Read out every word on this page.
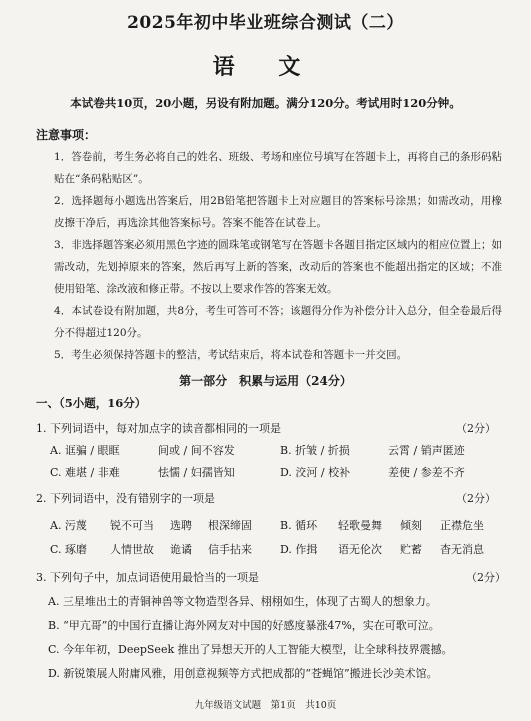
2025年初中毕业班综合测试（二）
语 文
本试卷共10页，20小题，另设有附加题。满分120分。考试用时120分钟。
注意事项：
1．答卷前，考生务必将自己的姓名、班级、考场和座位号填写在答题卡上，再将自己的条形码粘贴在“条码粘贴区”。
2．选择题每小题选出答案后，用2B铅笔把答题卡上对应题目的答案标号涂黑；如需改动，用橡皮擦干净后，再选涂其他答案标号。答案不能答在试卷上。
3．非选择题答案必须用黑色字迹的圆珠笔或钢笔写在答题卡各题目指定区域内的相应位置上；如需改动，先划掉原来的答案，然后再写上新的答案，改动后的答案也不能超出指定的区域；不准使用铅笔、涂改液和修正带。不按以上要求作答的答案无效。
4．本试卷设有附加题，共8分，考生可答可不答；该题得分作为补偿分计入总分，但全卷最后得分不得超过120分。
5．考生必须保持答题卡的整洁，考试结束后，将本试卷和答题卡一并交回。
第一部分　积累与运用（24分）
一、（5小题，16分）
1. 下列词语中，每对加点字的读音都相同的一项是	（2分）
A. 诓骗 / 眼眶	间或 / 间不容发	B. 折皱 / 折损	云霄 / 销声匿迹
C. 难堪 / 非难	怯懦 / 妇孺皆知	D. 洨河 / 校补	差使 / 参差不齐
2. 下列词语中，没有错别字的一项是	（2分）
A. 污蔑 锐不可当 选聘 根深缔固	B. 循环 轻歌曼舞 倾刻 正襟危坐
C. 琢磨 人情世故 诡谲 信手拈来	D. 作揖 语无伦次 贮蓄 杳无消息
3. 下列句子中，加点词语使用最恰当的一项是	（2分）
A. 三星堆出土的青铜神兽等文物造型各异、栩栩如生，体现了古蜀人的想象力。
B. “甲亢哥”的中国行直播让海外网友对中国的好感度暴涨47%，实在可歌可泣。
C. 今年年初，DeepSeek 推出了异想天开的人工智能大模型，让全球科技界震撼。
D. 新锐策展人附庸风雅，用创意视频等方式把成都的“苍蝇馆”搬进长沙美术馆。
九年级语文试题　第1页　共10页
